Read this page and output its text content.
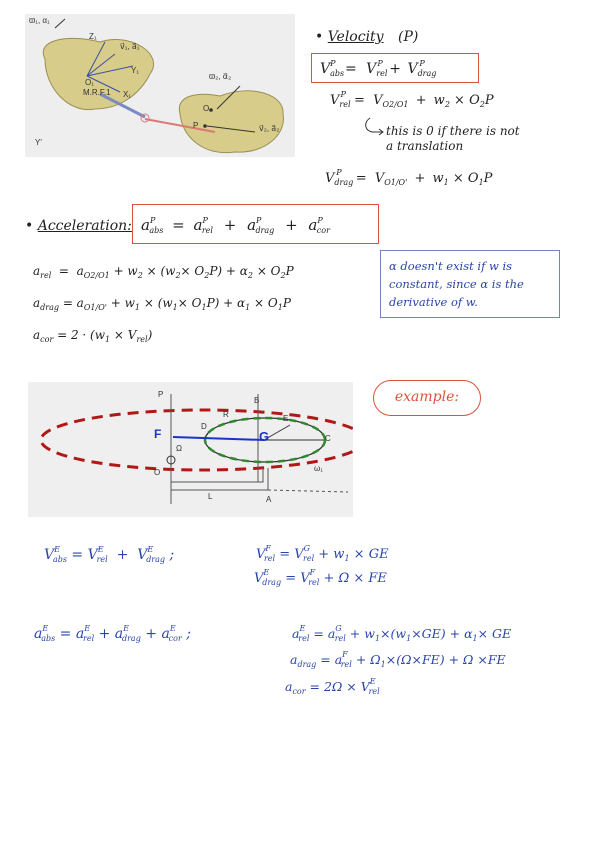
ϖ₁, α₁
Z₁
v⃗₁, a⃗₁
Y₁
O₁
M.R.F.1 X₁
ϖ₂, α⃗₂
O₂
P	v⃗₂, a⃗₂
Y'
• Velocity (P)
$V_{abs}^P = V_{rel}^P + V_{drag}^P$
$V_{rel}^P = V_{O2/O1} + w_2 \times O_2P$
this is 0 if there is not
a translation
$V_{drag}^P = V_{O1/O'} + w_1 \times O_1P$
• Acceleration: $a^P_{abs} = a^P_{rel} + a^P_{drag} + a^P_{cor}$
$a_{rel} = a_{O2/O1} + w_2 \times (w_2\times O_2P) + \alpha_2 \times O_2P$
$a_{drag} = a_{O1/O'} + w_1 \times (w_1\times O_1P) + \alpha_1 \times O_1P$
$a_{cor} = 2 \cdot (w_1 \times V_{rel})$
α doesn't exist if w is
constant, since α is the
derivative of w.
P
B
R	E
F
D
G	C
Ω
O	ω₁
L	A
example:
$V^E_{abs} = V^E_{rel} + V^E_{drag}$ ;	$V^F_{rel} = V^G_{rel} + w_1$ × GE
$V^E_{drag} = V^F_{rel} + \Omega$ × FE
$a^E_{abs} = a^E_{rel} + a^E_{drag} + a^E_{cor}$ ;	$a^E_{rel} = a^G_{rel} + w_1\times(w_1\times GE) + \alpha_1\times$ GE
$a_{drag} = a^F_{rel} + \Omega_1\times(\Omega\times FE) + \Omega \times FE$
$a_{cor} = 2\Omega \times V^E_{rel}$
